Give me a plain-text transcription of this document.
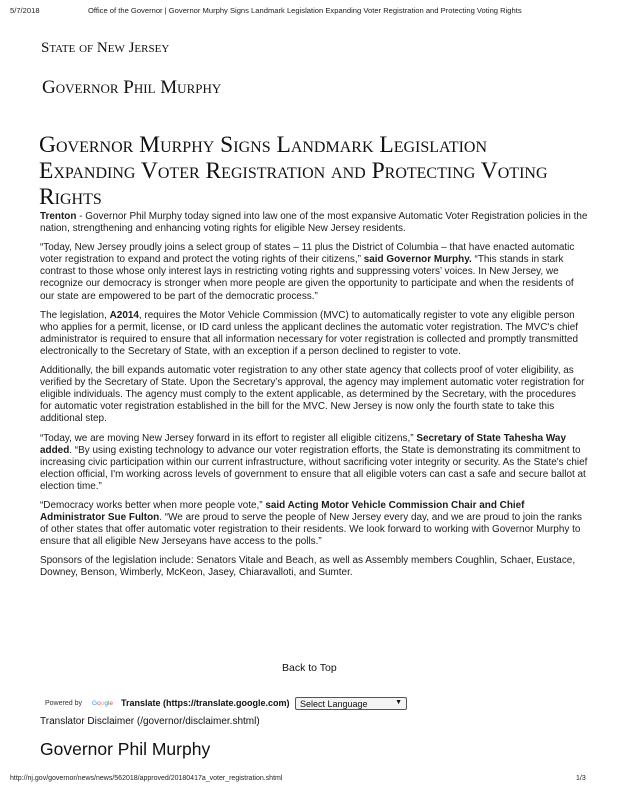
5/7/2018	Office of the Governor | Governor Murphy Signs Landmark Legislation Expanding Voter Registration and Protecting Voting Rights
State of New Jersey
Governor Phil Murphy
Governor Murphy Signs Landmark Legislation Expanding Voter Registration and Protecting Voting Rights

Trenton - Governor Phil Murphy today signed into law one of the most expansive Automatic Voter Registration policies in the nation, strengthening and enhancing voting rights for eligible New Jersey residents.

“Today, New Jersey proudly joins a select group of states – 11 plus the District of Columbia – that have enacted automatic voter registration to expand and protect the voting rights of their citizens,” said Governor Murphy. “This stands in stark contrast to those whose only interest lays in restricting voting rights and suppressing voters’ voices. In New Jersey, we recognize our democracy is stronger when more people are given the opportunity to participate and when the residents of our state are empowered to be part of the democratic process.”

The legislation, A2014, requires the Motor Vehicle Commission (MVC) to automatically register to vote any eligible person who applies for a permit, license, or ID card unless the applicant declines the automatic voter registration. The MVC's chief administrator is required to ensure that all information necessary for voter registration is collected and promptly transmitted electronically to the Secretary of State, with an exception if a person declined to register to vote.

Additionally, the bill expands automatic voter registration to any other state agency that collects proof of voter eligibility, as verified by the Secretary of State. Upon the Secretary’s approval, the agency may implement automatic voter registration for eligible individuals. The agency must comply to the extent applicable, as determined by the Secretary, with the procedures for automatic voter registration established in the bill for the MVC. New Jersey is now only the fourth state to take this additional step.

“Today, we are moving New Jersey forward in its effort to register all eligible citizens,” Secretary of State Tahesha Way added. “By using existing technology to advance our voter registration efforts, the State is demonstrating its commitment to increasing civic participation within our current infrastructure, without sacrificing voter integrity or security. As the State's chief election official, I'm working across levels of government to ensure that all eligible voters can cast a safe and secure ballot at election time.”

“Democracy works better when more people vote,” said Acting Motor Vehicle Commission Chair and Chief Administrator Sue Fulton. “We are proud to serve the people of New Jersey every day, and we are proud to join the ranks of other states that offer automatic voter registration to their residents. We look forward to working with Governor Murphy to ensure that all eligible New Jerseyans have access to the polls.”

Sponsors of the legislation include: Senators Vitale and Beach, as well as Assembly members Coughlin, Schaer, Eustace, Downey, Benson, Wimberly, McKeon, Jasey, Chiaravalloti, and Sumter.

Back to Top
Powered by Google Translate (https://translate.google.com) Select Language	▼
Translator Disclaimer (/governor/disclaimer.shtml)
Governor Phil Murphy
http://nj.gov/governor/news/news/562018/approved/20180417a_voter_registration.shtml	1/3
